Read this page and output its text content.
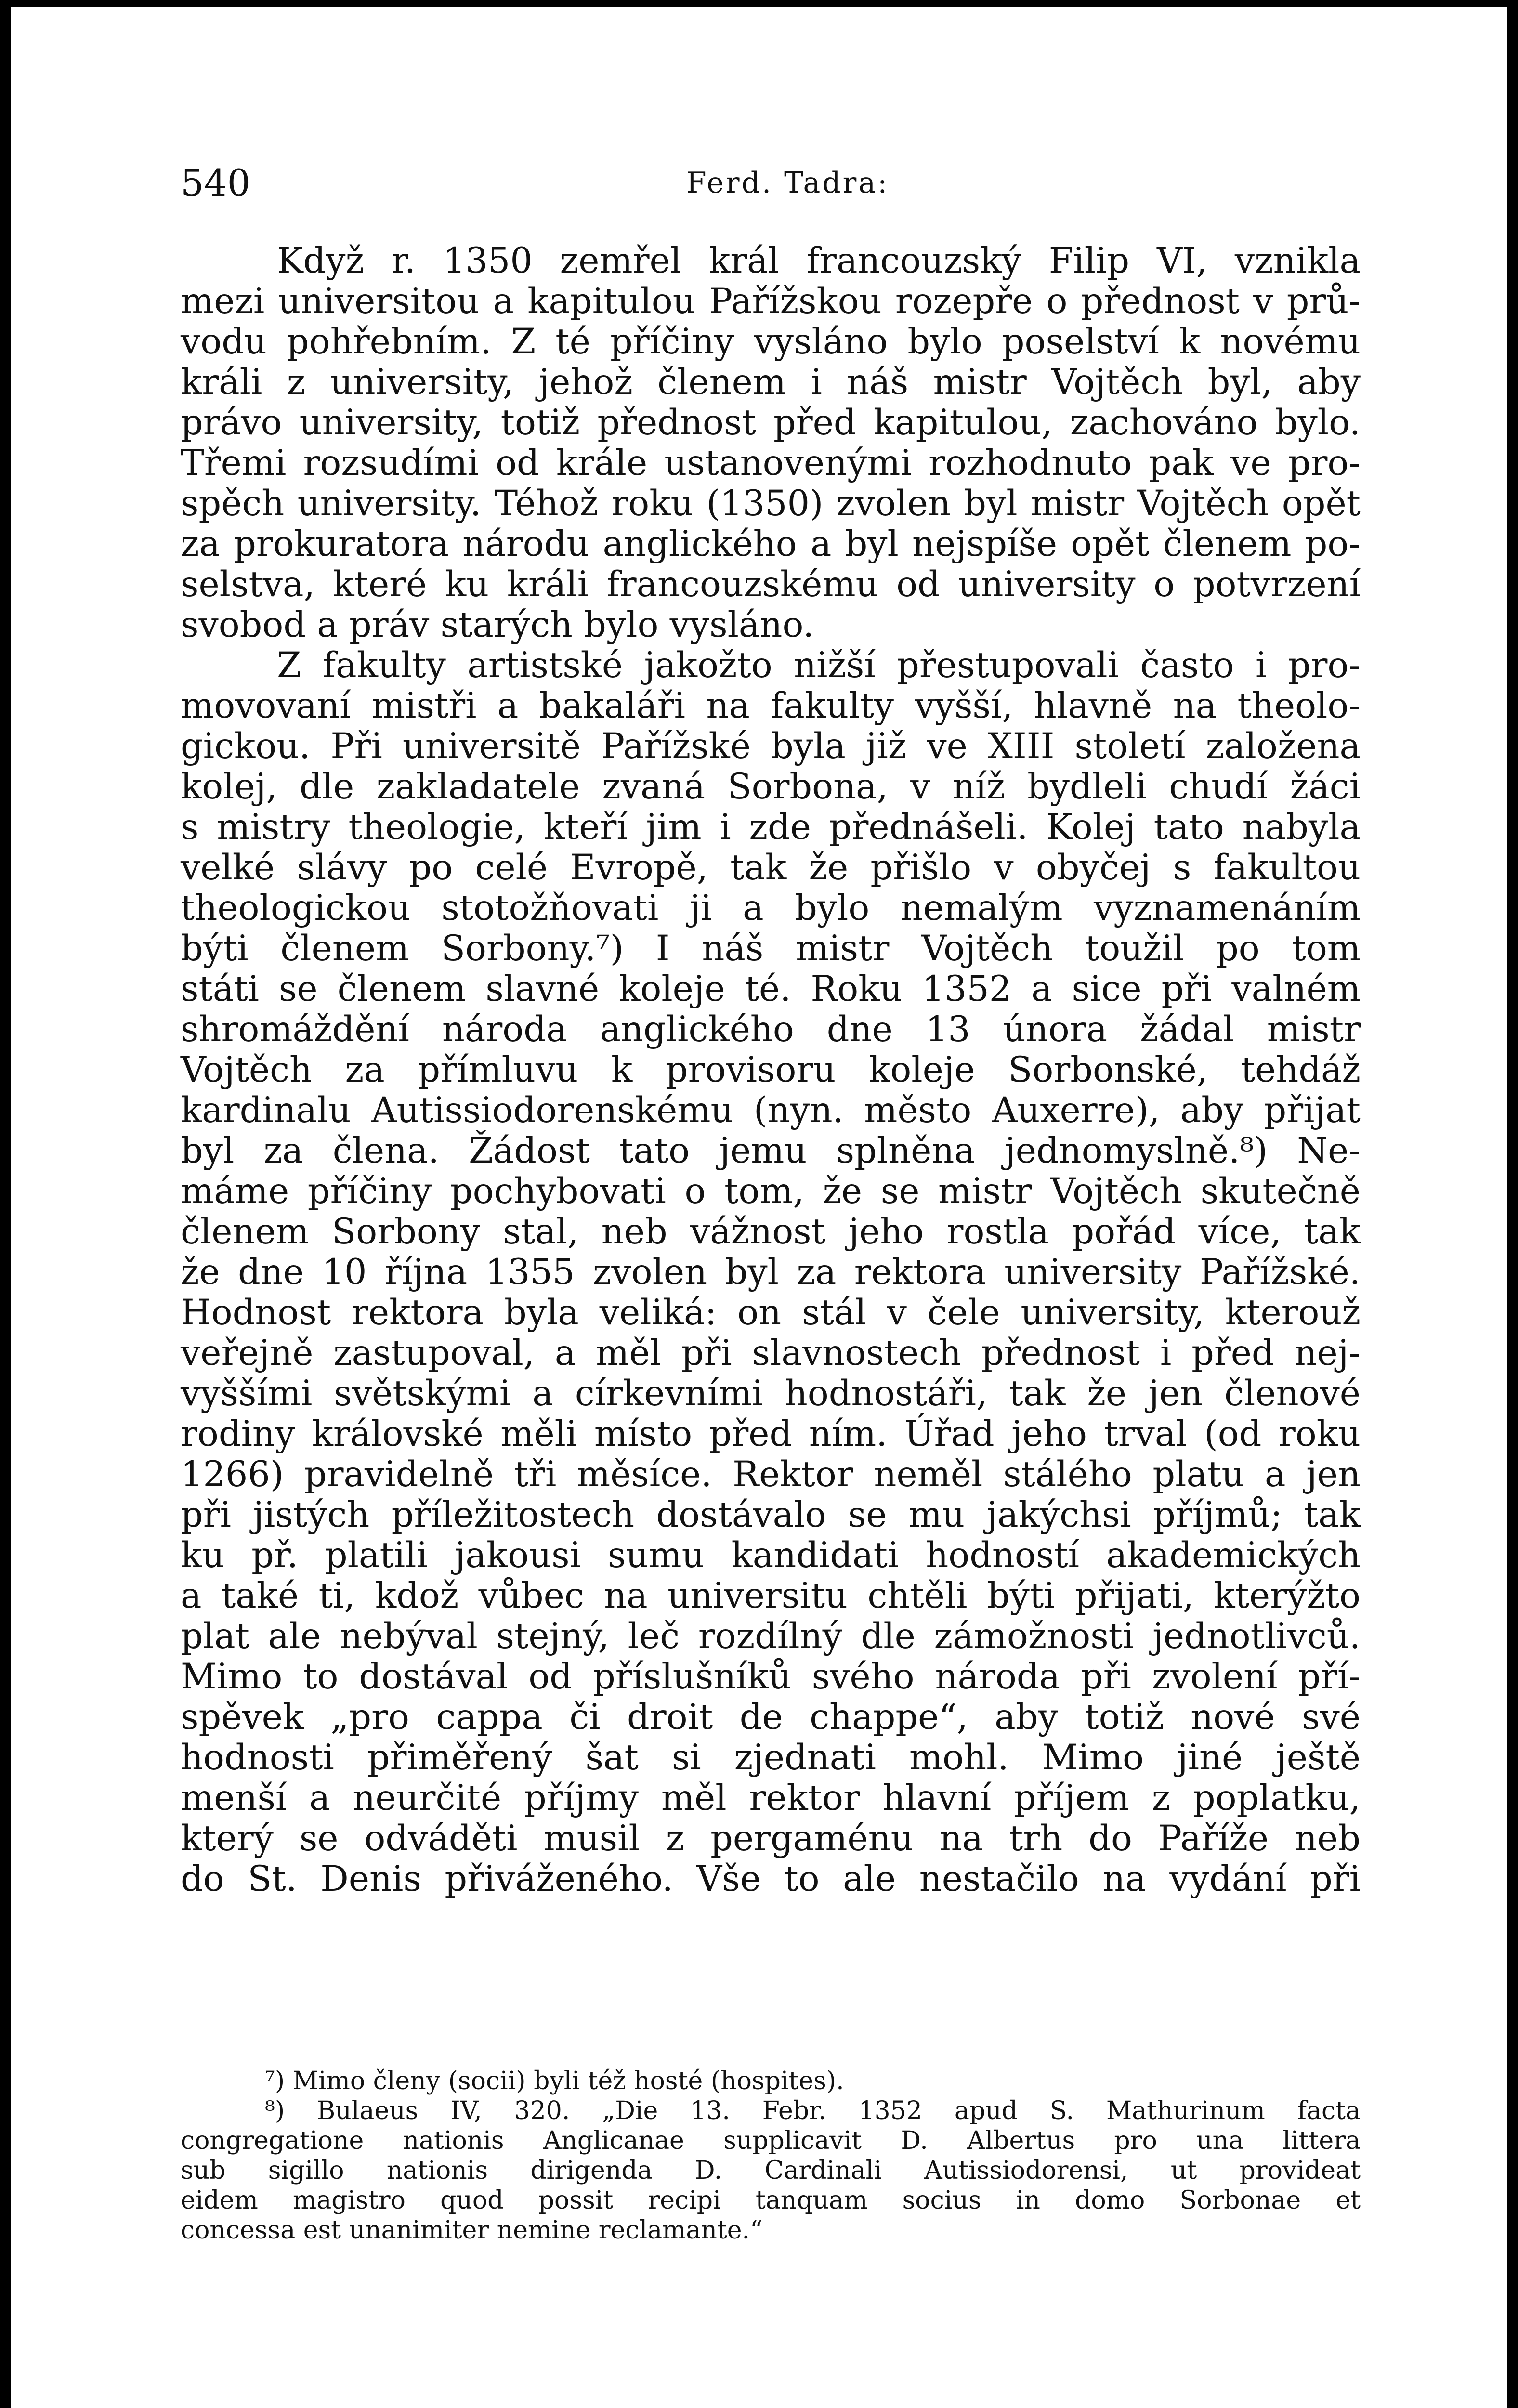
540	Ferd. Tadra:
Když r. 1350 zemřel král francouzský Filip VI, vznikla
mezi universitou a kapitulou Pařížskou rozepře o přednost v prů-
vodu pohřebním. Z té příčiny vysláno bylo poselství k novému
králi z university, jehož členem i náš mistr Vojtěch byl, aby
právo university, totiž přednost před kapitulou, zachováno bylo.
Třemi rozsudími od krále ustanovenými rozhodnuto pak ve pro-
spěch university. Téhož roku (1350) zvolen byl mistr Vojtěch opět
za prokuratora národu anglického a byl nejspíše opět členem po-
selstva, které ku králi francouzskému od university o potvrzení
svobod a práv starých bylo vysláno.
Z fakulty artistské jakožto nižší přestupovali často i pro-
movovaní mistři a bakaláři na fakulty vyšší, hlavně na theolo-
gickou. Při universitě Pařížské byla již ve XIII století založena
kolej, dle zakladatele zvaná Sorbona, v níž bydleli chudí žáci
s mistry theologie, kteří jim i zde přednášeli. Kolej tato nabyla
velké slávy po celé Evropě, tak že přišlo v obyčej s fakultou
theologickou stotožňovati ji a bylo nemalým vyznamenáním
býti členem Sorbony.⁷) I náš mistr Vojtěch toužil po tom
státi se členem slavné koleje té. Roku 1352 a sice při valném
shromáždění národa anglického dne 13 února žádal mistr
Vojtěch za přímluvu k provisoru koleje Sorbonské, tehdáž
kardinalu Autissiodorenskému (nyn. město Auxerre), aby přijat
byl za člena. Žádost tato jemu splněna jednomyslně.⁸) Ne-
máme příčiny pochybovati o tom, že se mistr Vojtěch skutečně
členem Sorbony stal, neb vážnost jeho rostla pořád více, tak
že dne 10 října 1355 zvolen byl za rektora university Pařížské.
Hodnost rektora byla veliká: on stál v čele university, kterouž
veřejně zastupoval, a měl při slavnostech přednost i před nej-
vyššími světskými a církevními hodnostáři, tak že jen členové
rodiny královské měli místo před ním. Úřad jeho trval (od roku
1266) pravidelně tři měsíce. Rektor neměl stálého platu a jen
při jistých příležitostech dostávalo se mu jakýchsi příjmů; tak
ku př. platili jakousi sumu kandidati hodností akademických
a také ti, kdož vůbec na universitu chtěli býti přijati, kterýžto
plat ale nebýval stejný, leč rozdílný dle zámožnosti jednotlivců.
Mimo to dostával od příslušníků svého národa při zvolení pří-
spěvek „pro cappa či droit de chappe“, aby totiž nové své
hodnosti přiměřený šat si zjednati mohl. Mimo jiné ještě
menší a neurčité příjmy měl rektor hlavní příjem z poplatku,
který se odváděti musil z pergaménu na trh do Paříže neb
do St. Denis přiváženého. Vše to ale nestačilo na vydání při
⁷) Mimo členy (socii) byli též hosté (hospites).
⁸) Bulaeus IV, 320. „Die 13. Febr. 1352 apud S. Mathurinum facta
congregatione nationis Anglicanae supplicavit D. Albertus pro una littera
sub sigillo nationis dirigenda D. Cardinali Autissiodorensi, ut provideat
eidem magistro quod possit recipi tanquam socius in domo Sorbonae et
concessa est unanimiter nemine reclamante.“
